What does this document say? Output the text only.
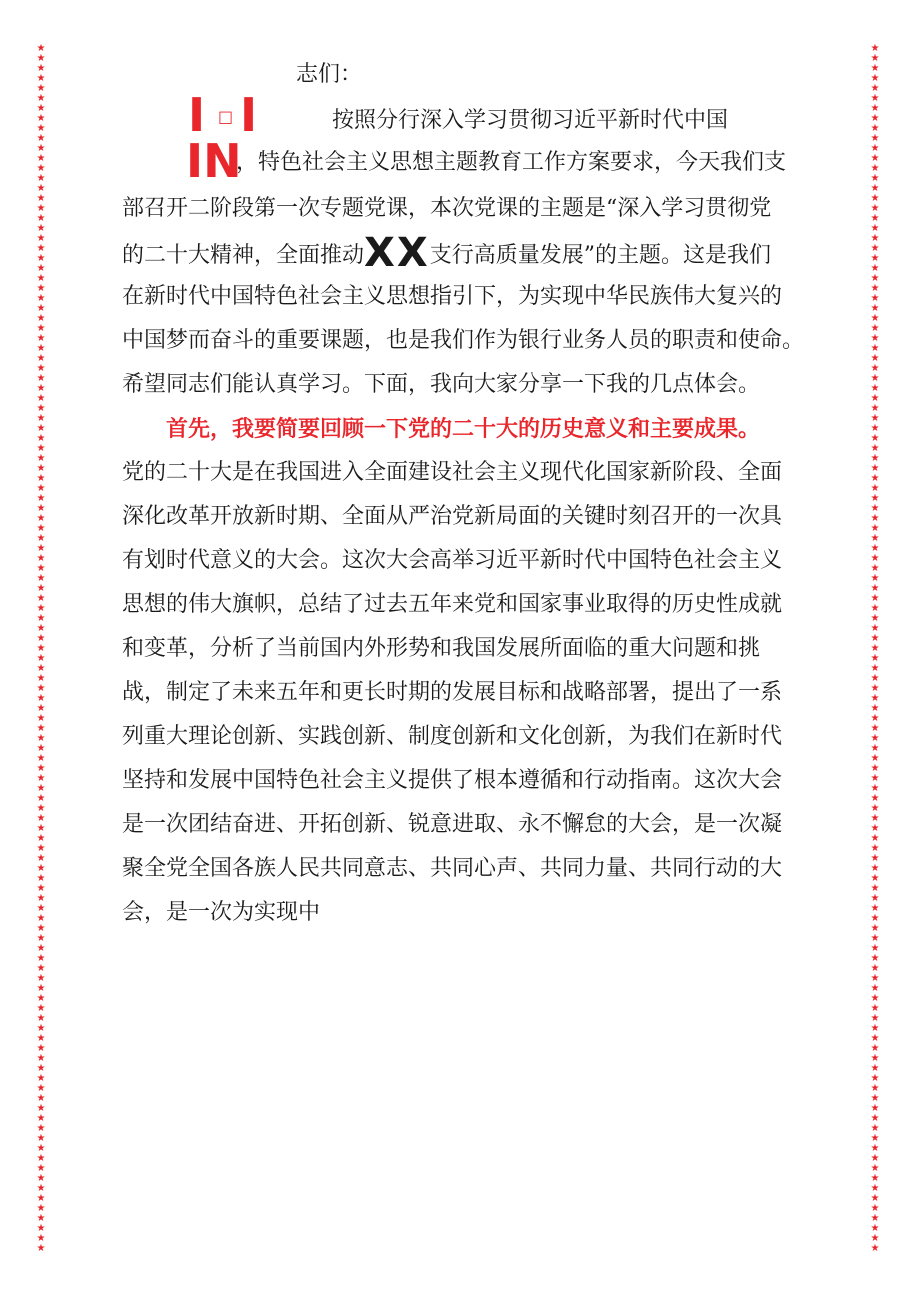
★
★
★
★
★
★
★
★
★
★
★
★
★
★
★
★
★
★
★
★
★
★
★
★
★
★
★
★
★
★
★
★
★
★
★
★
★
★
★
★
★
★
★
★
★
★
★
★
★
★
★
★
★
★
★
★
★
★
★
★
★
★
★
★
★
★
★
★
★
★
★
★
★
★
★
★
★
★
★
★
★
★
★
★
★
★
★
★
★
★
★
★
★
★
★
★
★
★
★
★
★
★
★
★
★
★
★
★
★
★
★
★
★
★
★
★
★
★
★
★
★
★
★
★
★
★
★
★
★
★
★
★
★
★
★
★
★
★
★
★
★
★
★
★
★
★
★
★
★
★
★
★
★
★
★
★
★
★
★
★
★
★
★
★
★
★
★
★
★
★
★
★
★
★
★
★
★
★
★
★
★
★
★
★
★
★
★
★
★
★
★
★
★
★
★
★
★
★
★
★
★
★
★
★
★
★
★
★
★
★
★
★
★
★
★
★
★
★
★
★
★
★
★
★
★
★
★
★
★
★
★
★
★
★
★
★
★
★
★
★
★
★
志们：
I □ I	按照分行深入学习贯彻习近平新时代中国
IN
，特色社会主义思想主题教育工作方案要求，今天我们支
部召开二阶段第一次专题党课，本次党课的主题是“深入学习贯彻党
的二十大精神，全面推动XX支行高质量发展”的主题。这是我们
在新时代中国特色社会主义思想指引下，为实现中华民族伟大复兴的
中国梦而奋斗的重要课题，也是我们作为银行业务人员的职责和使命。
希望同志们能认真学习。下面，我向大家分享一下我的几点体会。
首先，我要简要回顾一下党的二十大的历史意义和主要成果。
党的二十大是在我国进入全面建设社会主义现代化国家新阶段、全面
深化改革开放新时期、全面从严治党新局面的关键时刻召开的一次具
有划时代意义的大会。这次大会高举习近平新时代中国特色社会主义
思想的伟大旗帜，总结了过去五年来党和国家事业取得的历史性成就
和变革，分析了当前国内外形势和我国发展所面临的重大问题和挑
战，制定了未来五年和更长时期的发展目标和战略部署，提出了一系
列重大理论创新、实践创新、制度创新和文化创新，为我们在新时代
坚持和发展中国特色社会主义提供了根本遵循和行动指南。这次大会
是一次团结奋进、开拓创新、锐意进取、永不懈怠的大会，是一次凝
聚全党全国各族人民共同意志、共同心声、共同力量、共同行动的大
会，是一次为实现中
